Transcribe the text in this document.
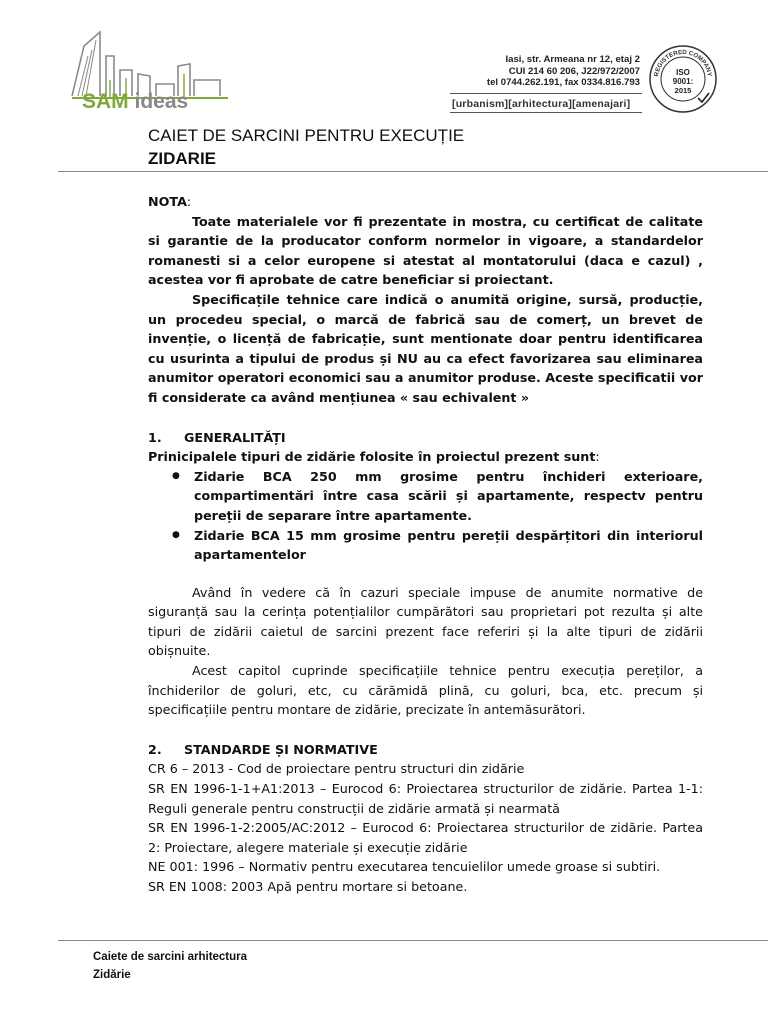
SAM ideas
Iasi, str. Armeana nr 12, etaj 2
CUI 214 60 206, J22/972/2007
tel 0744.262.191, fax 0334.816.793
[urbanism][arhitectura][amenajari]
REGISTERED COMPANY
ISO
9001:
2015
CAIET DE SARCINI PENTRU EXECUȚIE
ZIDARIE

NOTA:

Toate materialele vor fi prezentate in mostra, cu certificat de calitate si garantie de la producator conform normelor in vigoare, a standardelor romanesti si a celor europene si atestat al montatorului (daca e cazul) , acestea vor fi aprobate de catre beneficiar si proiectant.

Specificațile tehnice care indică o anumită origine, sursă, producție, un procedeu special, o marcă de fabrică sau de comerț, un brevet de invenție, o licență de fabricație, sunt mentionate doar pentru identificarea cu usurinta a tipului de produs și NU au ca efect favorizarea sau eliminarea anumitor operatori economici sau a anumitor produse. Aceste specificatii vor fi considerate ca având mențiunea « sau echivalent »

1. GENERALITĂȚI

Prinicipalele tipuri de zidărie folosite în proiectul prezent sunt:

● Zidarie BCA 250 mm grosime pentru închideri exterioare, compartimentări între casa scării și apartamente, respectv pentru pereții de separare între apartamente.
● Zidarie BCA 15 mm grosime pentru pereții despărțitori din interiorul apartamentelor

Având în vedere că în cazuri speciale impuse de anumite normative de siguranță sau la cerința potențialilor cumpărători sau proprietari pot rezulta și alte tipuri de zidării caietul de sarcini prezent face referiri și la alte tipuri de zidării obișnuite.

Acest capitol cuprinde specificațiile tehnice pentru execuția pereților, a închiderilor de goluri, etc, cu cărămidă plină, cu goluri, bca, etc. precum și specificațiile pentru montare de zidărie, precizate în antemăsurători.

2. STANDARDE ȘI NORMATIVE

CR 6 – 2013 - Cod de proiectare pentru structuri din zidărie

SR EN 1996-1-1+A1:2013 – Eurocod 6: Proiectarea structurilor de zidărie. Partea 1-1: Reguli generale pentru construcții de zidărie armată și nearmată

SR EN 1996-1-2:2005/AC:2012 – Eurocod 6: Proiectarea structurilor de zidărie. Partea 2: Proiectare, alegere materiale și execuție zidărie

NE 001: 1996 – Normativ pentru executarea tencuielilor umede groase si subtiri.

SR EN 1008: 2003 Apă pentru mortare si betoane.

Caiete de sarcini arhitectura
Zidărie
